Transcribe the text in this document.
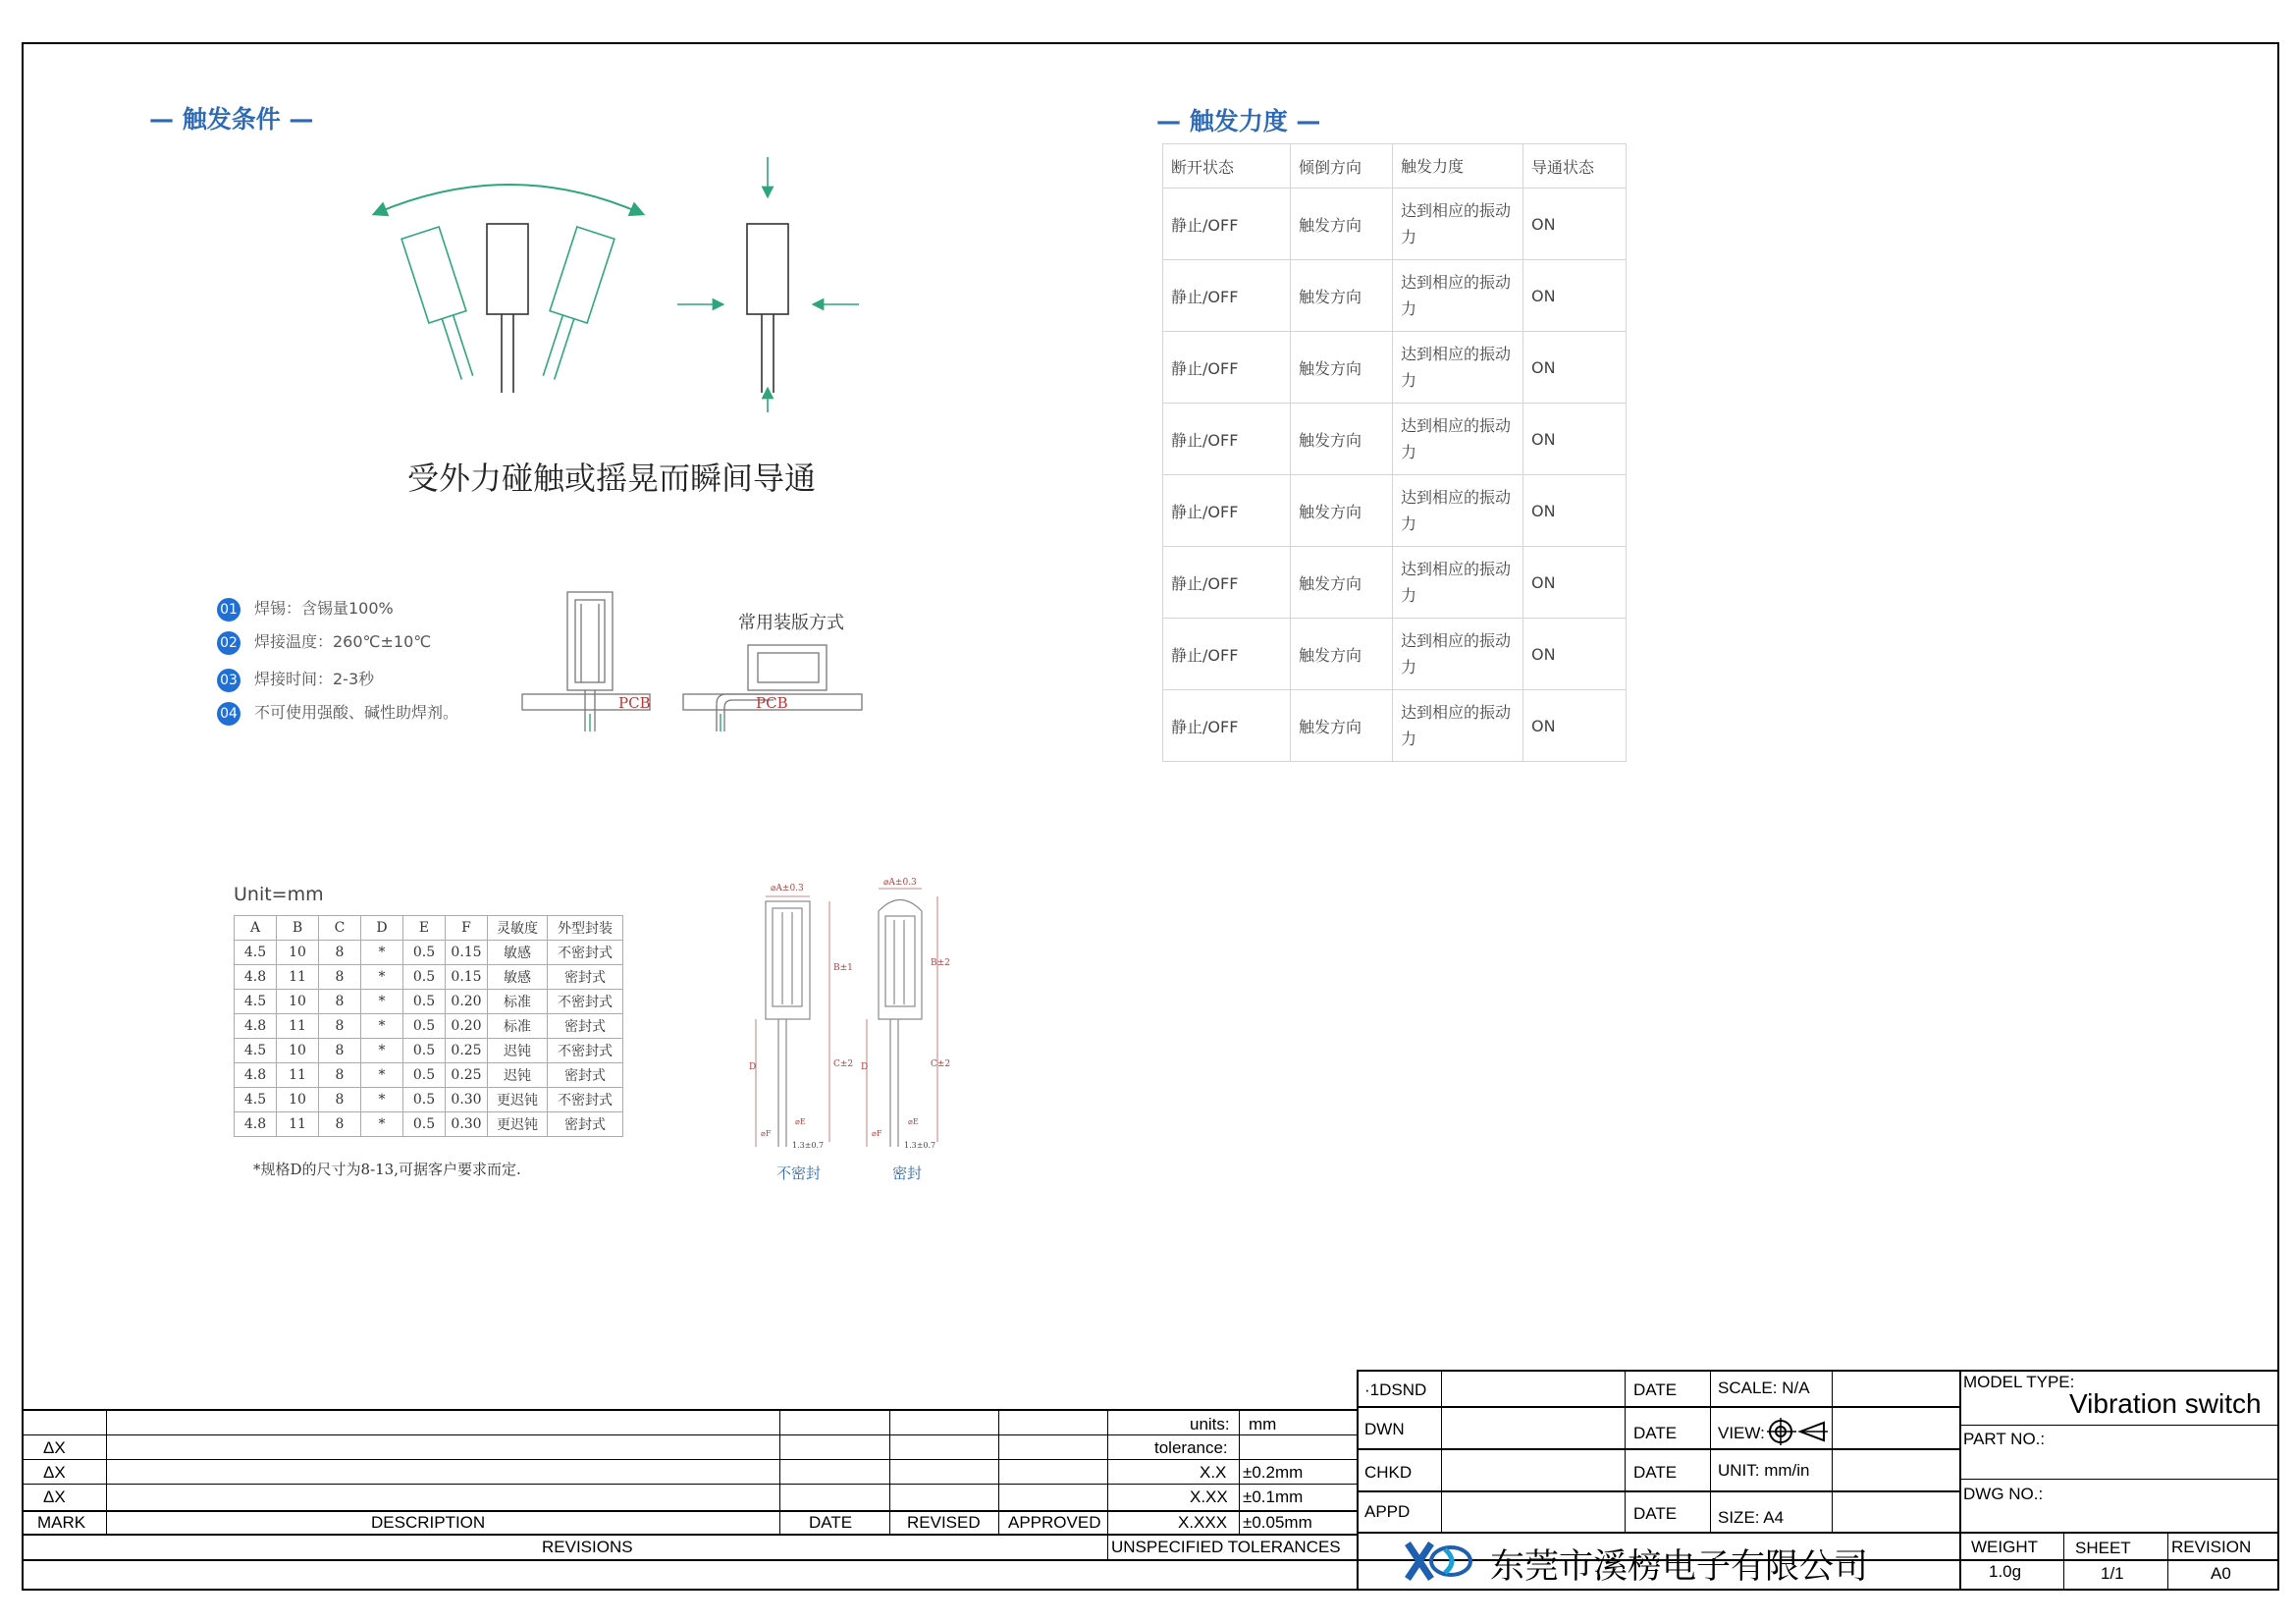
— 触发条件 —
受外力碰触或摇晃而瞬间导通
01 焊锡：含锡量100%
02 焊接温度：260℃±10℃
03 焊接时间：2-3秒
04 不可使用强酸、碱性助焊剂。	PCB	PCB
常用装版方式
Unit=mm
A	B	C	D	E	F	灵敏度	外型封装
4.5	10	8	*	0.5	0.15	敏感	不密封式
4.8	11	8	*	0.5	0.15	敏感	密封式
4.5	10	8	*	0.5	0.20	标准	不密封式
4.8	11	8	*	0.5	0.20	标准	密封式
4.5	10	8	*	0.5	0.25	迟钝	不密封式
4.8	11	8	*	0.5	0.25	迟钝	密封式
4.5	10	8	*	0.5	0.30	更迟钝	不密封式
4.8	11	8	*	0.5	0.30	更迟钝	密封式
*规格D的尺寸为8-13,可据客户要求而定.
⌀A±0.3
⌀A±0.3
B±1	B±2
C±2	C±2
D	D
⌀E	⌀E
⌀F	⌀F
1.3±0.7	1.3±0.7
不密封	密封
— 触发力度 —
断开状态	倾倒方向	触发力度	导通状态
静止/OFF	触发方向	达到相应的振动力	ON
静止/OFF	触发方向	达到相应的振动力	ON
静止/OFF	触发方向	达到相应的振动力	ON
静止/OFF	触发方向	达到相应的振动力	ON
静止/OFF	触发方向	达到相应的振动力	ON
静止/OFF	触发方向	达到相应的振动力	ON
静止/OFF	触发方向	达到相应的振动力	ON
静止/OFF	触发方向	达到相应的振动力	ON
ΔX
ΔX
ΔX
MARK	DESCRIPTION	DATE	REVISED APPROVED
REVISIONS
units: mm
tolerance:
X.X ±0.2mm
X.XX ±0.1mm
X.XXX ±0.05mm
UNSPECIFIED TOLERANCES
·1DSND	DATE SCALE: N/A
DWN	DATE VIEW:
CHKD	DATE UNIT: mm/in
APPD	DATE SIZE: A4
东莞市溪榜电子有限公司
MODEL TYPE:
Vibration switch
PART NO.:
DWG NO.:
WEIGHT SHEET REVISION
1.0g	1/1	A0
